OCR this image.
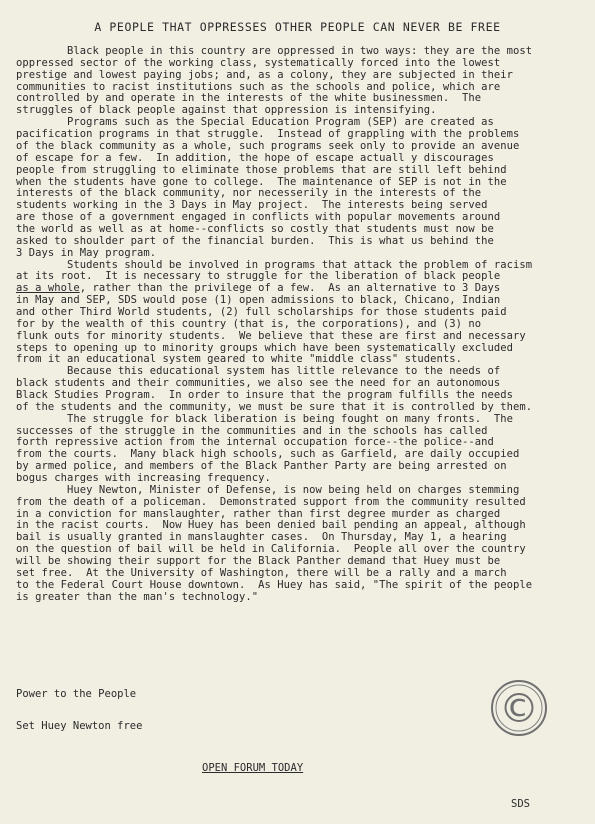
A PEOPLE THAT OPPRESSES OTHER PEOPLE CAN NEVER BE FREE
Black people in this country are oppressed in two ways: they are the most
oppressed sector of the working class, systematically forced into the lowest
prestige and lowest paying jobs; and, as a colony, they are subjected in their
communities to racist institutions such as the schools and police, which are
controlled by and operate in the interests of the white businessmen.  The
struggles of black people against that oppression is intensifying.
Programs such as the Special Education Program (SEP) are created as
pacification programs in that struggle.  Instead of grappling with the problems
of the black community as a whole, such programs seek only to provide an avenue
of escape for a few.  In addition, the hope of escape actuall y discourages
people from struggling to eliminate those problems that are still left behind
when the students have gone to college.  The maintenance of SEP is not in the
interests of the black community, nor necesserily in the interests of the
students working in the 3 Days in May project.  The interests being served
are those of a government engaged in conflicts with popular movements around
the world as well as at home--conflicts so costly that students must now be
asked to shoulder part of the financial burden.  This is what us behind the
3 Days in May program.
Students should be involved in programs that attack the problem of racism
at its root.  It is necessary to struggle for the liberation of black people
as a whole, rather than the privilege of a few.  As an alternative to 3 Days
in May and SEP, SDS would pose (1) open admissions to black, Chicano, Indian
and other Third World students, (2) full scholarships for those students paid
for by the wealth of this country (that is, the corporations), and (3) no
flunk outs for minority students.  We believe that these are first and necessary
steps to opening up to minority groups which have been systematically excluded
from it an educational system geared to white "middle class" students.
Because this educational system has little relevance to the needs of
black students and their communities, we also see the need for an autonomous
Black Studies Program.  In order to insure that the program fulfills the needs
of the students and the community, we must be sure that it is controlled by them.
The struggle for black liberation is being fought on many fronts.  The
successes of the struggle in the communities and in the schools has called
forth repressive action from the internal occupation force--the police--and
from the courts.  Many black high schools, such as Garfield, are daily occupied
by armed police, and members of the Black Panther Party are being arrested on
bogus charges with increasing frequency.
Huey Newton, Minister of Defense, is now being held on charges stemming
from the death of a policeman.  Demonstrated support from the community resulted
in a conviction for manslaughter, rather than first degree murder as charged
in the racist courts.  Now Huey has been denied bail pending an appeal, although
bail is usually granted in manslaughter cases.  On Thursday, May 1, a hearing
on the question of bail will be held in California.  People all over the country
will be showing their support for the Black Panther demand that Huey must be
set free.  At the University of Washington, there will be a rally and a march
to the Federal Court House downtown.  As Huey has said, "The spirit of the people
is greater than the man's technology."
Power to the People
Set Huey Newton free
OPEN FORUM TODAY
SDS
©
